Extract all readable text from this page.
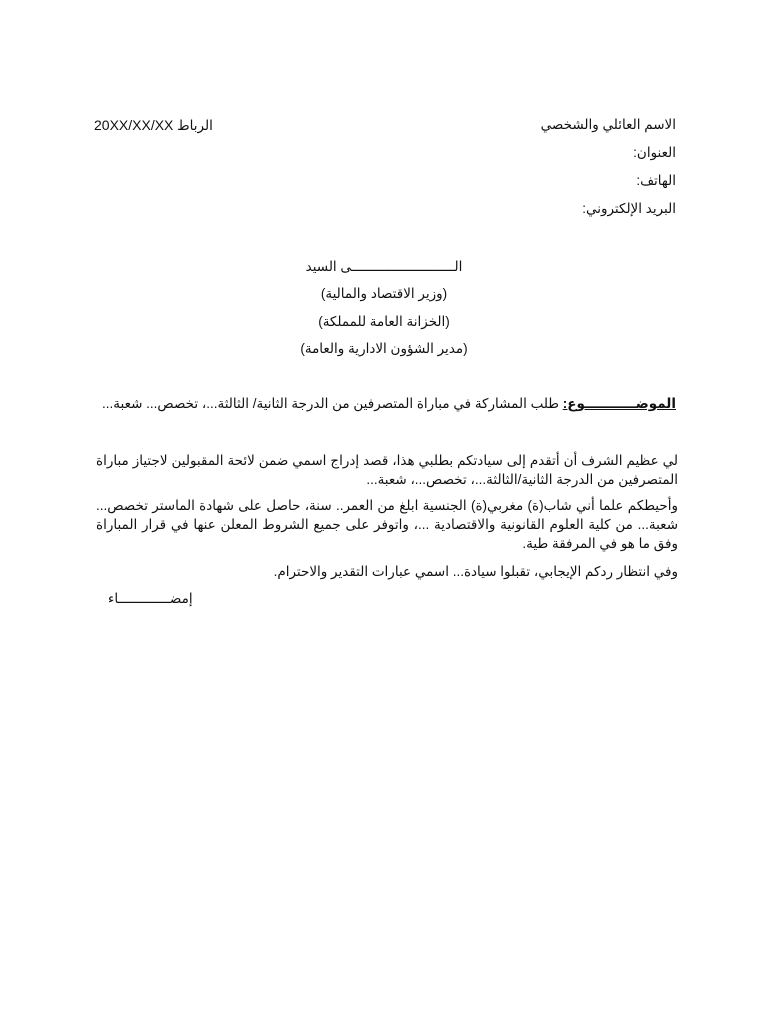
الاسم العائلي والشخصي
العنوان:
الهاتف:
البريد الإلكتروني:
20XX/XX/XX الرباط
الــــــــــــــــــــــــــى السيد
(وزير الاقتصاد والمالية)
(الخزانة العامة للمملكة)
(مدير الشؤون الادارية والعامة)
الموضـــــــــــوع: طلب المشاركة في مباراة المتصرفين من الدرجة الثانية/ الثالثة...، تخصص... شعبة...
لي عظيم الشرف أن أتقدم إلى سيادتكم بطلبي هذا، قصد إدراج اسمي ضمن لائحة المقبولين لاجتياز مباراة المتصرفين من الدرجة الثانية/الثالثة...، تخصص...، شعبة...
وأحيطكم علما أني شاب(ة) مغربي(ة) الجنسية ابلغ من العمر.. سنة، حاصل على شهادة الماستر تخصص... شعبة... من كلية العلوم القانونية والاقتصادية ...، واتوفر على جميع الشروط المعلن عنها في قرار المباراة وفق ما هو في المرفقة طية.
وفي انتظار ردكم الإيجابي، تقبلوا سيادة... اسمي عبارات التقدير والاحترام.
إمضـــــــــــــاء
